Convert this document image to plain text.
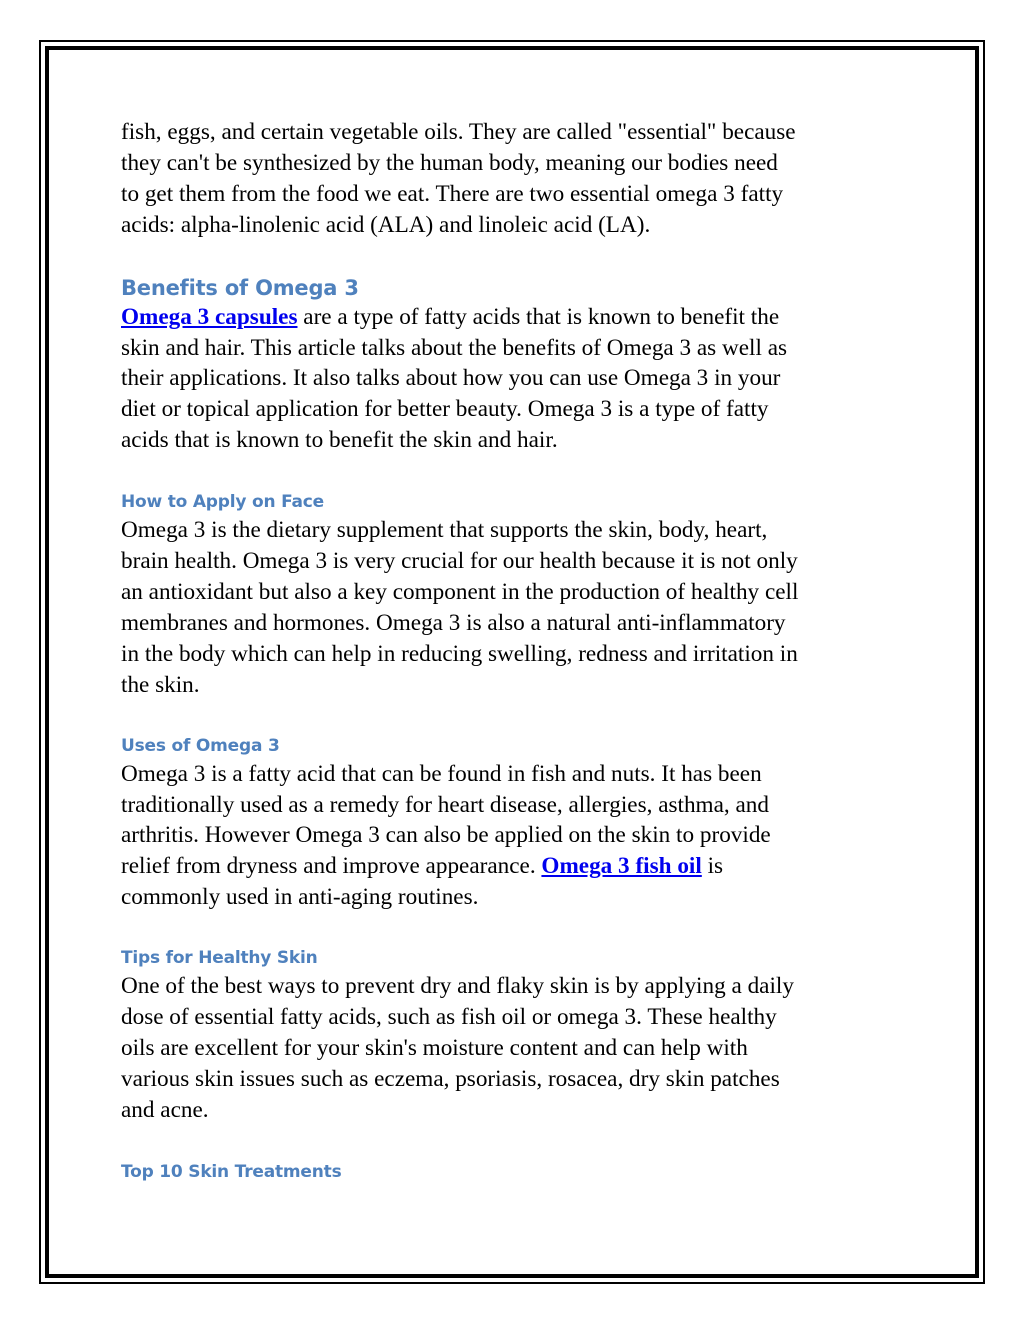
fish, eggs, and certain vegetable oils. They are called "essential" because
they can't be synthesized by the human body, meaning our bodies need
to get them from the food we eat. There are two essential omega 3 fatty
acids: alpha-linolenic acid (ALA) and linoleic acid (LA).

Benefits of Omega 3

Omega 3 capsules are a type of fatty acids that is known to benefit the
skin and hair. This article talks about the benefits of Omega 3 as well as
their applications. It also talks about how you can use Omega 3 in your
diet or topical application for better beauty. Omega 3 is a type of fatty
acids that is known to benefit the skin and hair.

How to Apply on Face

Omega 3 is the dietary supplement that supports the skin, body, heart,
brain health. Omega 3 is very crucial for our health because it is not only
an antioxidant but also a key component in the production of healthy cell
membranes and hormones. Omega 3 is also a natural anti-inflammatory
in the body which can help in reducing swelling, redness and irritation in
the skin.

Uses of Omega 3

Omega 3 is a fatty acid that can be found in fish and nuts. It has been
traditionally used as a remedy for heart disease, allergies, asthma, and
arthritis. However Omega 3 can also be applied on the skin to provide
relief from dryness and improve appearance. Omega 3 fish oil is
commonly used in anti-aging routines.

Tips for Healthy Skin

One of the best ways to prevent dry and flaky skin is by applying a daily
dose of essential fatty acids, such as fish oil or omega 3. These healthy
oils are excellent for your skin's moisture content and can help with
various skin issues such as eczema, psoriasis, rosacea, dry skin patches
and acne.

Top 10 Skin Treatments
